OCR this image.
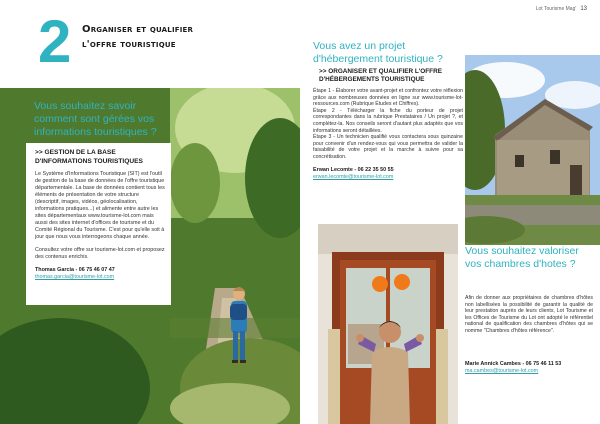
2 Organiser et qualifier l'offre touristique
Vous souhaitez savoir comment sont gérées vos informations touristiques ?
>> GESTION DE LA BASE D'INFORMATIONS TOURISTIQUES
Le Système d'Informations Touristique (SIT) est l'outil de gestion de la base de données de l'offre touristique départementale. La base de données contient tous les éléments de présentation de votre structure (descriptif, images, vidéos, géolocalisation, informations pratiques...) et alimente entre autre les sites départementaux www.tourisme-lot.com mais aussi des sites internet d'offices de tourisme et du Comité Régional du Tourisme. C'est pour qu'elle soit à jour que nous vous interrogeons chaque année.
Consultez votre offre sur tourisme-lot.com et proposez des contenus enrichis.
Thomas Garcia - 06 75 46 07 47
thomas.garcia@tourisme-lot.com
Lot Tourisme Mag' 13
Vous avez un projet d'hébergement touristique ?
>> ORGANISER ET QUALIFIER L'OFFRE D'HÉBERGEMENTS TOURISTIQUE
Étape 1 - Élaborer votre avant-projet et confrontez votre réflexion grâce aux nombreuses données en ligne sur www.tourisme-lot-ressources.com (Rubrique Études et Chiffres).
Étape 2 - Télécharger la fiche du porteur de projet correspondantes dans la rubrique Prestataires / Un projet ?, et complétez-la. Nos conseils seront d'autant plus adaptés que vos informations seront détaillées.
Étape 3 - Un technicien qualifié vous contactera sous quinzaine pour convenir d'un rendez-vous qui vous permettra de valider la faisabilité de votre projet et la marche à suivre pour sa concrétisation.
Erwan Lecomte - 06 22 35 50 55
erwan.lecomte@tourisme-lot.com
Vous souhaitez valoriser vos chambres d'hotes ?
Afin de donner aux propriétaires de chambres d'hôtes non labellisées la possibilité de garantir la qualité de leur prestation auprès de leurs clients, Lot Tourisme et les Offices de Tourisme du Lot ont adopté le référentiel national de qualification des chambres d'hôtes qui se nomme "Chambres d'hôtes référence".
Marie Annick Cambes - 06 75 46 11 53
ma.cambes@tourisme-lot.com
